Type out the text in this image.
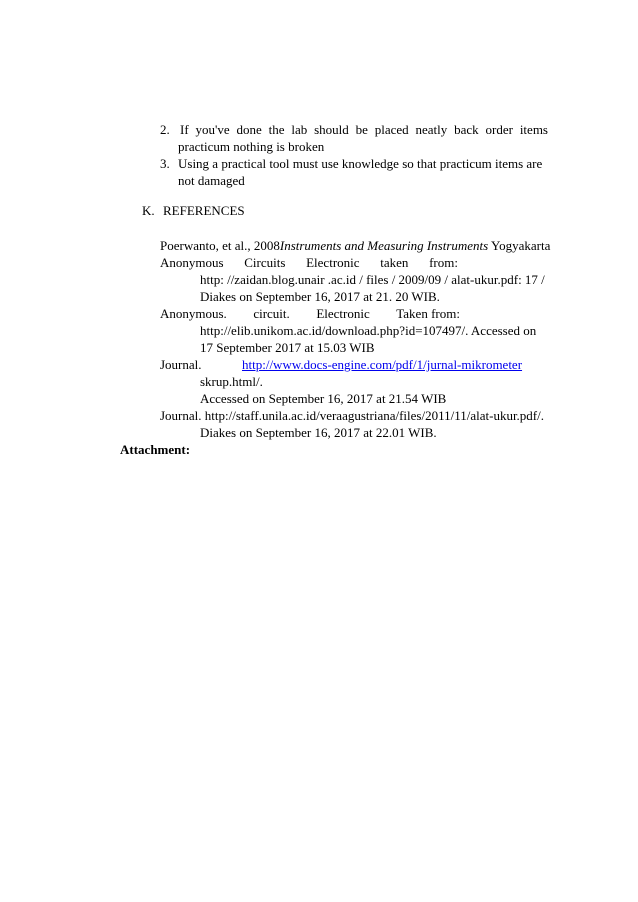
2. If you've done the lab should be placed neatly back order items
practicum nothing is broken
3. Using a practical tool must use knowledge so that practicum items are
not damaged
K. REFERENCES
Poerwanto, et al., 2008Instruments and Measuring Instruments Yogyakarta
Anonymous Circuits Electronic taken from:
http: //zaidan.blog.unair .ac.id / files / 2009/09 / alat-ukur.pdf: 17 /
Diakes on September 16, 2017 at 21. 20 WIB.
Anonymous. circuit. Electronic Taken from:
http://elib.unikom.ac.id/download.php?id=107497/. Accessed on
17 September 2017 at 15.03 WIB
Journal.	http://www.docs-engine.com/pdf/1/jurnal-mikrometer
skrup.html/.
Accessed on September 16, 2017 at 21.54 WIB
Journal. http://staff.unila.ac.id/veraagustriana/files/2011/11/alat-ukur.pdf/.
Diakes on September 16, 2017 at 22.01 WIB.
Attachment:
